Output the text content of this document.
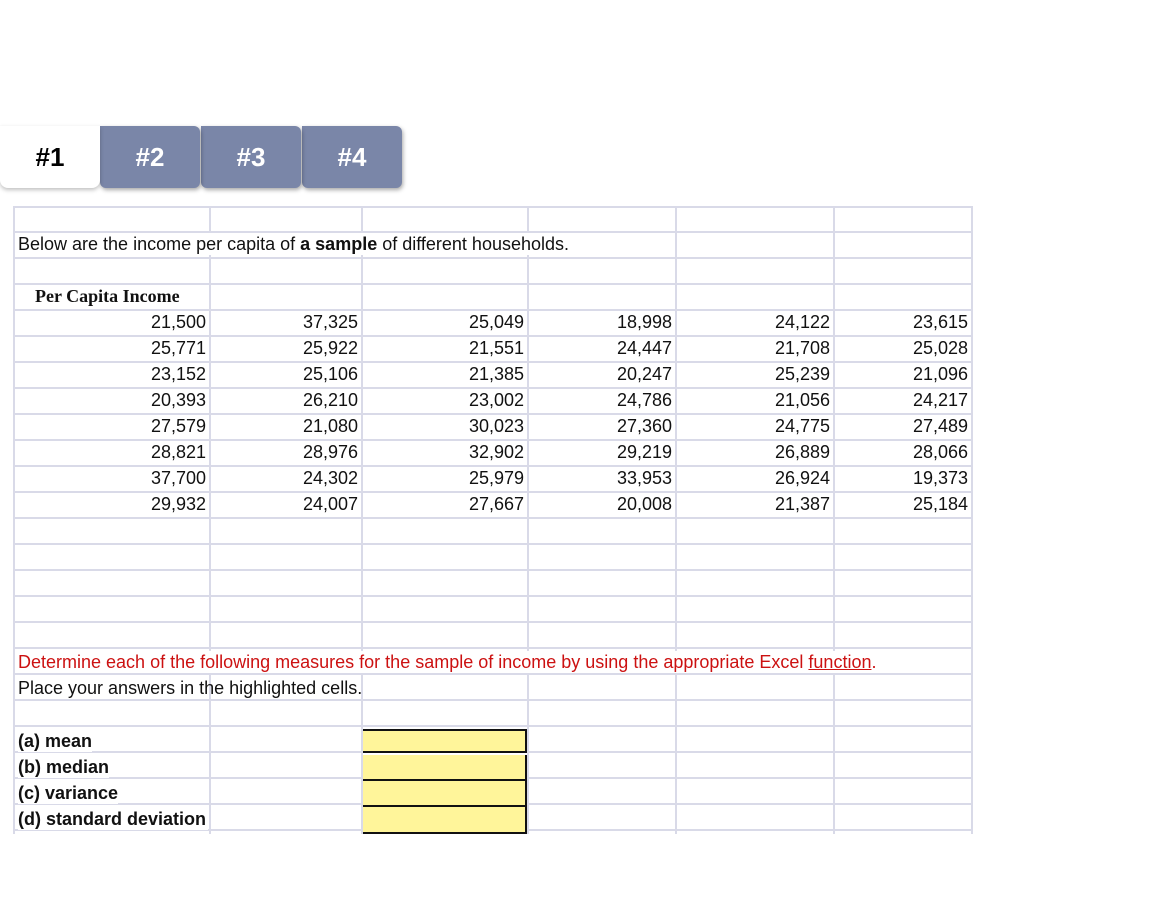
#4
#3
#2
#1
Below are the income per capita of a sample of different households.
Per Capita Income
21,500	37,325	25,049	18,998	24,122	23,615
25,771	25,922	21,551	24,447	21,708	25,028
23,152	25,106	21,385	20,247	25,239	21,096
20,393	26,210	23,002	24,786	21,056	24,217
27,579	21,080	30,023	27,360	24,775	27,489
28,821	28,976	32,902	29,219	26,889	28,066
37,700	24,302	25,979	33,953	26,924	19,373
29,932	24,007	27,667	20,008	21,387	25,184
Determine each of the following measures for the sample of income by using the appropriate Excel function.
Place your answers in the highlighted cells.
(a) mean
(b) median
(c) variance
(d) standard deviation
